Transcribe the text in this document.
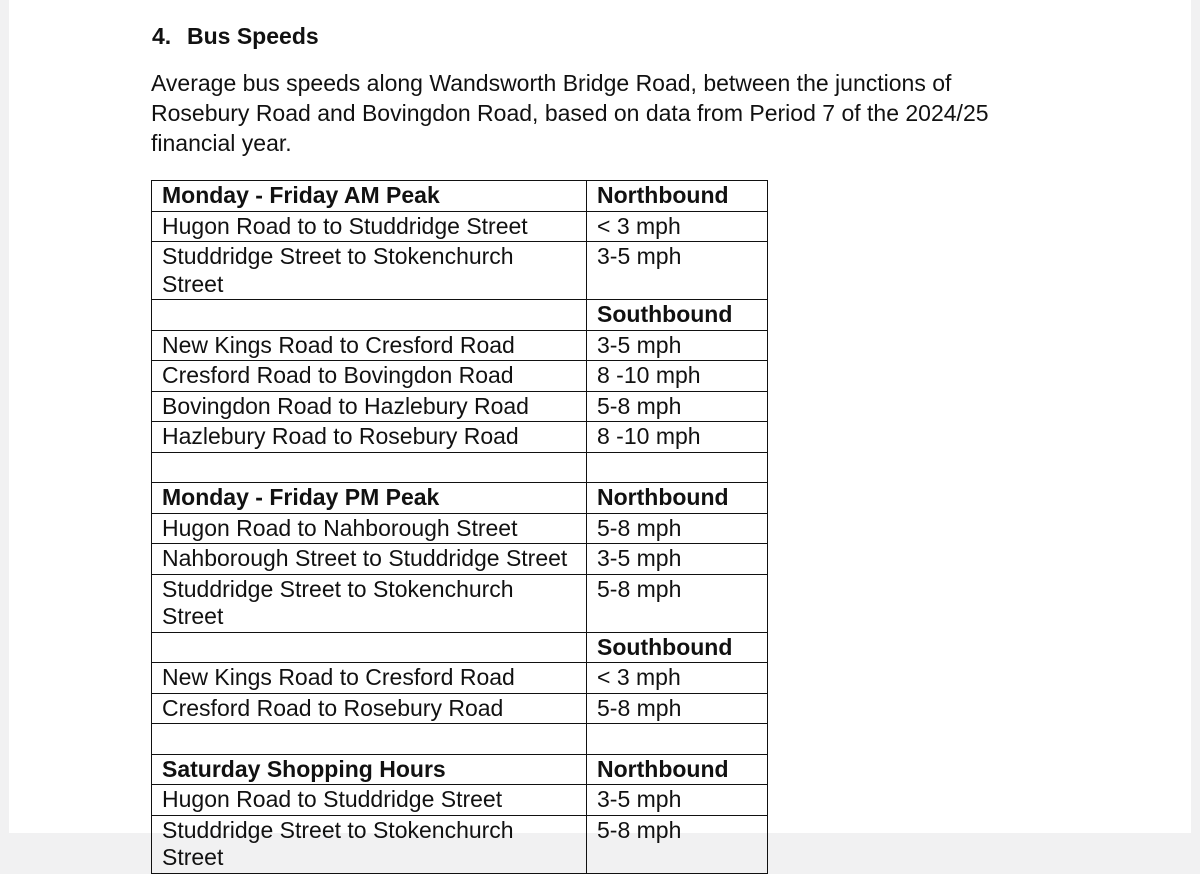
4. Bus Speeds

Average bus speeds along Wandsworth Bridge Road, between the junctions of Rosebury Road and Bovingdon Road, based on data from Period 7 of the 2024/25 financial year.

Monday - Friday AM Peak	Northbound
Hugon Road to to Studdridge Street	< 3 mph
Studdridge Street to Stokenchurch Street	3-5 mph
	Southbound
New Kings Road to Cresford Road	3-5 mph
Cresford Road to Bovingdon Road	8 -10 mph
Bovingdon Road to Hazlebury Road	5-8 mph
Hazlebury Road to Rosebury Road	8 -10 mph

Monday - Friday PM Peak	Northbound
Hugon Road to Nahborough Street	5-8 mph
Nahborough Street to Studdridge Street	3-5 mph
Studdridge Street to Stokenchurch Street	5-8 mph
	Southbound
New Kings Road to Cresford Road	< 3 mph
Cresford Road to Rosebury Road	5-8 mph

Saturday Shopping Hours	Northbound
Hugon Road to Studdridge Street	3-5 mph
Studdridge Street to Stokenchurch Street	5-8 mph
